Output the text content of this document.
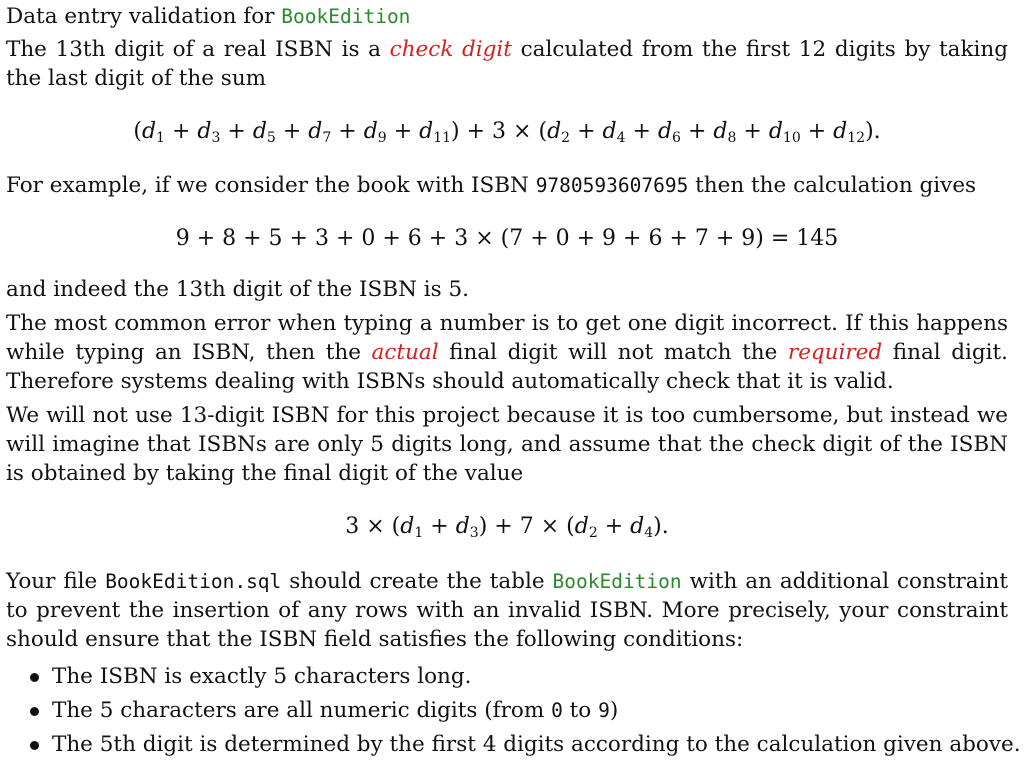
Data entry validation for BookEdition

The 13th digit of a real ISBN is a check digit calculated from the first 12 digits by taking the last digit of the sum

$(d_1 + d_3 + d_5 + d_7 + d_9 + d_{11}) + 3 \times (d_2 + d_4 + d_6 + d_8 + d_{10} + d_{12})$.

For example, if we consider the book with ISBN 9780593607695 then the calculation gives

9 + 8 + 5 + 3 + 0 + 6 + 3 × (7 + 0 + 9 + 6 + 7 + 9) = 145

and indeed the 13th digit of the ISBN is 5.

The most common error when typing a number is to get one digit incorrect. If this happens while typing an ISBN, then the actual final digit will not match the required final digit. Therefore systems dealing with ISBNs should automatically check that it is valid.

We will not use 13-digit ISBN for this project because it is too cumbersome, but instead we will imagine that ISBNs are only 5 digits long, and assume that the check digit of the ISBN is obtained by taking the final digit of the value

$3 \times (d_1 + d_3) + 7 \times (d_2 + d_4)$.

Your file BookEdition.sql should create the table BookEdition with an additional constraint to prevent the insertion of any rows with an invalid ISBN. More precisely, your constraint should ensure that the ISBN field satisfies the following conditions:

The ISBN is exactly 5 characters long.
The 5 characters are all numeric digits (from 0 to 9)
The 5th digit is determined by the first 4 digits according to the calculation given above.
